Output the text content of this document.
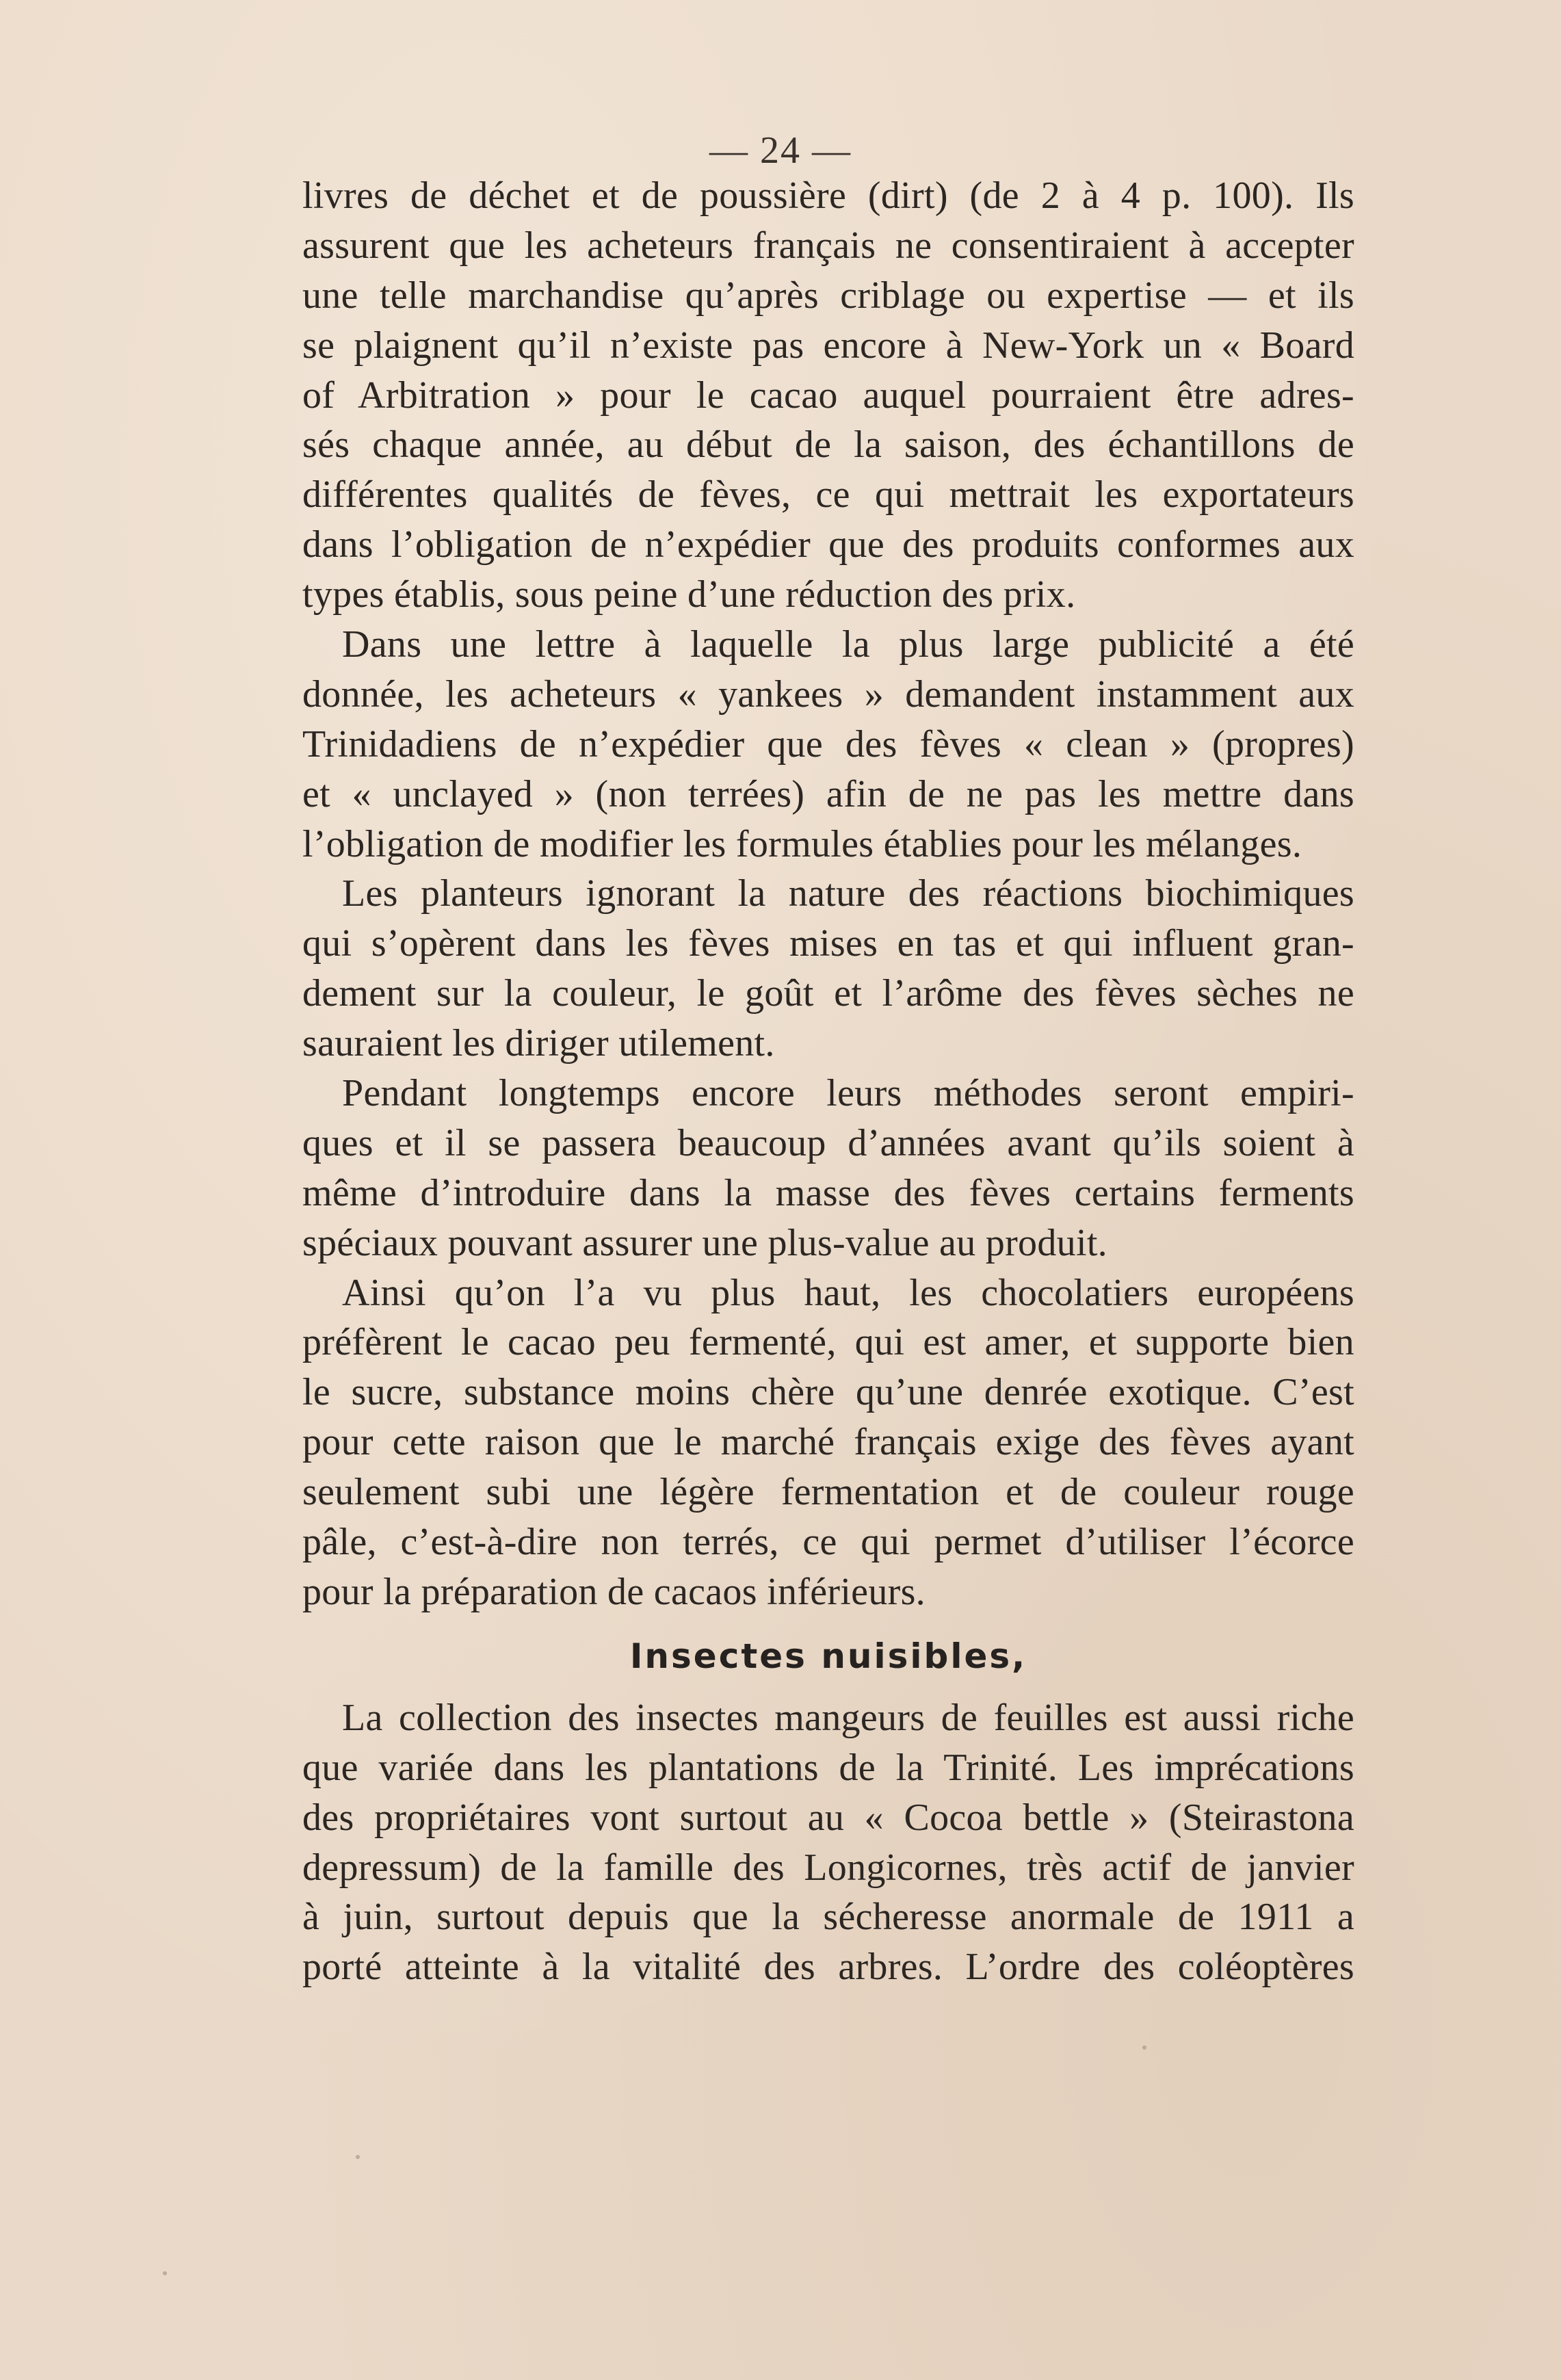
— 24 —
livres de déchet et de poussière (dirt) (de 2 à 4 p. 100). Ils
assurent que les acheteurs français ne consentiraient à accepter
une telle marchandise qu’après criblage ou expertise — et ils
se plaignent qu’il n’existe pas encore à New-York un « Board
of Arbitration » pour le cacao auquel pourraient être adres-
sés chaque année, au début de la saison, des échantillons de
différentes qualités de fèves, ce qui mettrait les exportateurs
dans l’obligation de n’expédier que des produits conformes aux
types établis, sous peine d’une réduction des prix.
Dans une lettre à laquelle la plus large publicité a été
donnée, les acheteurs « yankees » demandent instamment aux
Trinidadiens de n’expédier que des fèves « clean » (propres)
et « unclayed » (non terrées) afin de ne pas les mettre dans
l’obligation de modifier les formules établies pour les mélanges.
Les planteurs ignorant la nature des réactions biochimiques
qui s’opèrent dans les fèves mises en tas et qui influent gran-
dement sur la couleur, le goût et l’arôme des fèves sèches ne
sauraient les diriger utilement.
Pendant longtemps encore leurs méthodes seront empiri-
ques et il se passera beaucoup d’années avant qu’ils soient à
même d’introduire dans la masse des fèves certains ferments
spéciaux pouvant assurer une plus-value au produit.
Ainsi qu’on l’a vu plus haut, les chocolatiers européens
préfèrent le cacao peu fermenté, qui est amer, et supporte bien
le sucre, substance moins chère qu’une denrée exotique. C’est
pour cette raison que le marché français exige des fèves ayant
seulement subi une légère fermentation et de couleur rouge
pâle, c’est-à-dire non terrés, ce qui permet d’utiliser l’écorce
pour la préparation de cacaos inférieurs.
Insectes nuisibles,
La collection des insectes mangeurs de feuilles est aussi riche
que variée dans les plantations de la Trinité. Les imprécations
des propriétaires vont surtout au « Cocoa bettle » (Steirastona
depressum) de la famille des Longicornes, très actif de janvier
à juin, surtout depuis que la sécheresse anormale de 1911 a
porté atteinte à la vitalité des arbres. L’ordre des coléoptères
